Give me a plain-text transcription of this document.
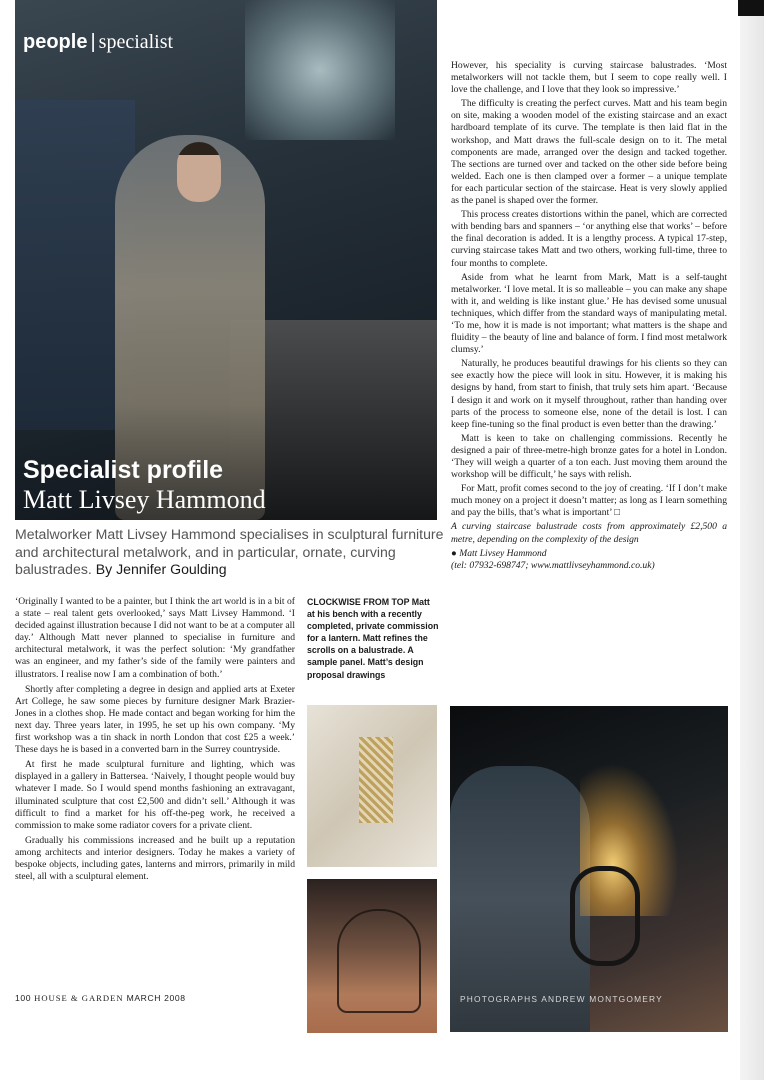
people | specialist
Specialist profile
Matt Livsey Hammond
Metalworker Matt Livsey Hammond specialises in sculptural furniture and architectural metalwork, and in particular, ornate, curving balustrades. By Jennifer Goulding

‘Originally I wanted to be a painter, but I think the art world is in a bit of a state – real talent gets overlooked,’ says Matt Livsey Hammond. ‘I decided against illustration because I did not want to be at a computer all day.’ Although Matt never planned to specialise in furniture and architectural metalwork, it was the perfect solution: ‘My grandfather was an engineer, and my father’s side of the family were painters and illustrators. I realise now I am a combination of both.’

Shortly after completing a degree in design and applied arts at Exeter Art College, he saw some pieces by furniture designer Mark Brazier-Jones in a clothes shop. He made contact and began working for him the next day. Three years later, in 1995, he set up his own company. ‘My first workshop was a tin shack in north London that cost £25 a week.’ These days he is based in a converted barn in the Surrey countryside.

At first he made sculptural furniture and lighting, which was displayed in a gallery in Battersea. ‘Naively, I thought people would buy whatever I made. So I would spend months fashioning an extravagant, illuminated sculpture that cost £2,500 and didn’t sell.’ Although it was difficult to find a market for his off-the-peg work, he received a commission to make some radiator covers for a private client.

Gradually his commissions increased and he built up a reputation among architects and interior designers. Today he makes a variety of bespoke objects, including gates, lanterns and mirrors, primarily in mild steel, all with a sculptural element.

CLOCKWISE FROM TOP Matt at his bench with a recently completed, private commission for a lantern. Matt refines the scrolls on a balustrade. A sample panel. Matt’s design proposal drawings

However, his speciality is curving staircase balustrades. ‘Most metalworkers will not tackle them, but I seem to cope really well. I love the challenge, and I love that they look so impressive.’

The difficulty is creating the perfect curves. Matt and his team begin on site, making a wooden model of the existing staircase and an exact hardboard template of its curve. The template is then laid flat in the workshop, and Matt draws the full-scale design on to it. The metal components are made, arranged over the design and tacked together. The sections are turned over and tacked on the other side before being welded. Each one is then clamped over a former – a unique template for each particular section of the staircase. Heat is very slowly applied as the panel is shaped over the former.

This process creates distortions within the panel, which are corrected with bending bars and spanners – ‘or anything else that works’ – before the final decoration is added. It is a lengthy process. A typical 17-step, curving staircase takes Matt and two others, working full-time, three to four months to complete.

Aside from what he learnt from Mark, Matt is a self-taught metalworker. ‘I love metal. It is so malleable – you can make any shape with it, and welding is like instant glue.’ He has devised some unusual techniques, which differ from the standard ways of manipulating metal. ‘To me, how it is made is not important; what matters is the shape and fluidity – the beauty of line and balance of form. I find most metalwork clumsy.’

Naturally, he produces beautiful drawings for his clients so they can see exactly how the piece will look in situ. However, it is making his designs by hand, from start to finish, that truly sets him apart. ‘Because I design it and work on it myself throughout, rather than handing over parts of the process to someone else, none of the detail is lost. I can keep fine-tuning so the final product is even better than the drawing.’

Matt is keen to take on challenging commissions. Recently he designed a pair of three-metre-high bronze gates for a hotel in London. ‘They will weigh a quarter of a ton each. Just moving them around the workshop will be difficult,’ he says with relish.

For Matt, profit comes second to the joy of creating. ‘If I don’t make much money on a project it doesn’t matter; as long as I learn something and pay the bills, that’s what is important’ □

A curving staircase balustrade costs from approximately £2,500 a metre, depending on the complexity of the design

● Matt Livsey Hammond
(tel: 07932-698747; www.mattlivseyhammond.co.uk)

PHOTOGRAPHS ANDREW MONTGOMERY
100 HOUSE & GARDEN MARCH 2008
